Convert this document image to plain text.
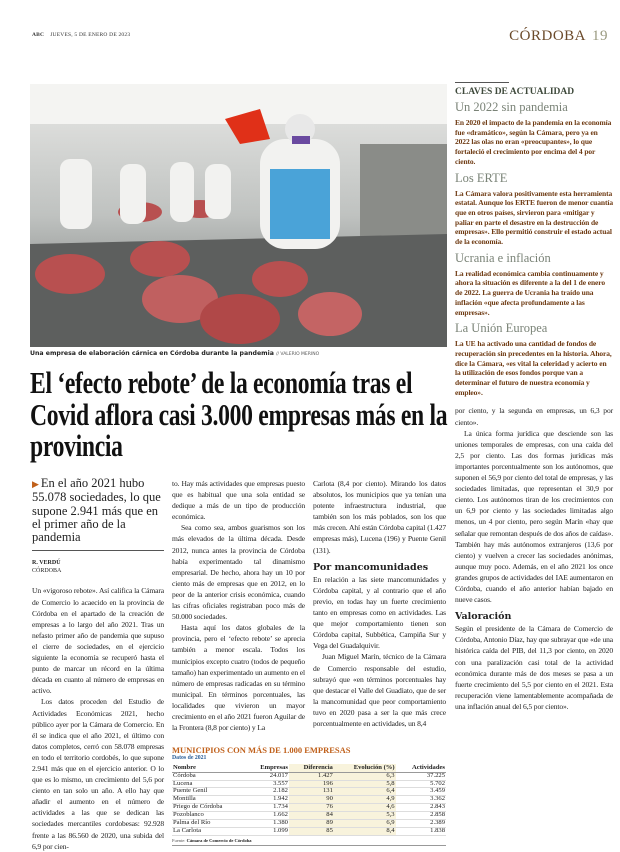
ABC JUEVES, 5 DE ENERO DE 2023	CÓRDOBA 19
Una empresa de elaboración cárnica en Córdoba durante la pandemia // VALERIO MERINO
El ‘efecto rebote’ de la economía tras el Covid aflora casi 3.000 empresas más en la provincia
CLAVES DE ACTUALIDAD
Un 2022 sin pandemia

En 2020 el impacto de la pandemia en la economía fue «dramático», según la Cámara, pero ya en 2022 las olas no eran «preocupantes», lo que fortaleció el crecimiento por encima del 4 por ciento.

Los ERTE

La Cámara valora positivamente esta herramienta estatal. Aunque los ERTE fueron de menor cuantía que en otros países, sirvieron para «mitigar y paliar en parte el desastre en la destrucción de empresas». Ello permitió construir el estado actual de la economía.

Ucrania e inflación

La realidad económica cambia continuamente y ahora la situación es diferente a la del 1 de enero de 2022. La guerra de Ucrania ha traído una inflación «que afecta profundamente a las empresas».

La Unión Europea

La UE ha activado una cantidad de fondos de recuperación sin precedentes en la historia. Ahora, dice la Cámara, «es vital la celeridad y acierto en la utilización de esos fondos porque van a determinar el futuro de nuestra economía y empleo».

por ciento, y la segunda en empresas, un 6,3 por ciento».

La única forma jurídica que desciende son las uniones temporales de empresas, con una caída del 2,5 por ciento. Las dos formas jurídicas más importantes porcentualmente son los autónomos, que suponen el 56,9 por ciento del total de empresas, y las sociedades limitadas, que representan el 30,9 por ciento. Los autónomos tiran de los crecimientos con un 6,9 por ciento y las sociedades limitadas algo menos, un 4 por ciento, pero según Marín «hay que señalar que remontan después de dos años de caídas». También hay más autónomos extranjeros (13,6 por ciento) y vuelven a crecer las sociedades anónimas, aunque muy poco. Además, en el año 2021 los once grandes grupos de actividades del IAE aumentaron en Córdoba, cuando el año anterior habían bajado en nueve casos.

Valoración

Según el presidente de la Cámara de Comercio de Córdoba, Antonio Díaz, hay que subrayar que «de una histórica caída del PIB, del 11,3 por ciento, en 2020 con una paralización casi total de la actividad económica durante más de dos meses se pasa a un fuerte crecimiento del 5,5 por ciento en el 2021. Esta recuperación viene lamentablemente acompañada de una inflación anual del 6,5 por ciento».

▶ En el año 2021 hubo 55.078 sociedades, lo que supone 2.941 más que en el primer año de la pandemia
R. VERDÚ
CÓRDOBA

Un «vigoroso rebote». Así califica la Cámara de Comercio lo acaecido en la provincia de Córdoba en el apartado de la creación de empresas a lo largo del año 2021. Tras un nefasto primer año de pandemia que supuso el cierre de sociedades, en el ejercicio siguiente la economía se recuperó hasta el punto de marcar un récord en la última década en cuanto al número de empresas en activo.

Los datos proceden del Estudio de Actividades Económicas 2021, hecho público ayer por la Cámara de Comercio. En él se indica que el año 2021, el último con datos completos, cerró con 58.078 empresas en todo el territorio cordobés, lo que supone 2.941 más que en el ejercicio anterior. O lo que es lo mismo, un crecimiento del 5,6 por ciento en tan solo un año. A ello hay que añadir el aumento en el número de actividades a las que se dedican las sociedades mercantiles cordobesas: 92.928 frente a las 86.560 de 2020, una subida del 6,9 por cien-

to. Hay más actividades que empresas puesto que es habitual que una sola entidad se dedique a más de un tipo de producción económica.

Sea como sea, ambos guarismos son los más elevados de la última década. Desde 2012, nunca antes la provincia de Córdoba había experimentado tal dinamismo empresarial. De hecho, ahora hay un 10 por ciento más de empresas que en 2012, en lo peor de la anterior crisis económica, cuando las cifras oficiales registraban poco más de 50.000 sociedades.

Hasta aquí los datos globales de la provincia, pero el ‘efecto rebote’ se aprecia también a menor escala. Todos los municipios excepto cuatro (todos de pequeño tamaño) han experimentado un aumento en el número de empresas radicadas en su término municipal. En términos porcentuales, las localidades que vivieron un mayor crecimiento en el año 2021 fueron Aguilar de la Frontera (8,8 por ciento) y La

Carlota (8,4 por ciento). Mirando los datos absolutos, los municipios que ya tenían una potente infraestructura industrial, que también son los más poblados, son los que más crecen. Ahí están Córdoba capital (1.427 empresas más), Lucena (196) y Puente Genil (131).

Por mancomunidades

En relación a las siete mancomunidades y Córdoba capital, y al contrario que el año previo, en todas hay un fuerte crecimiento tanto en empresas como en actividades. Las que mejor comportamiento tienen son Córdoba capital, Subbética, Campiña Sur y Vega del Guadalquivir.

Juan Miguel Marín, técnico de la Cámara de Comercio responsable del estudio, subrayó que «en términos porcentuales hay que destacar el Valle del Guadiato, que de ser la mancomunidad que peor comportamiento tuvo en 2020 pasa a ser la que más crece porcentualmente en actividades, un 8,4

MUNICIPIOS CON MÁS DE 1.000 EMPRESAS
Datos de 2021
Nombre	Empresas	Diferencia	Evolución (%)	Actividades
Córdoba	24.017	1.427	6,3	37.225
Lucena	3.557	196	5,8	5.702
Puente Genil	2.182	131	6,4	3.459
Montilla	1.942	90	4,9	3.362
Priego de Córdoba	1.734	76	4,6	2.843
Pozoblanco	1.662	84	5,3	2.858
Palma del Río	1.380	89	6,9	2.389
La Carlota	1.099	85	8,4	1.838
Fuente: Cámara de Comercio de Córdoba
